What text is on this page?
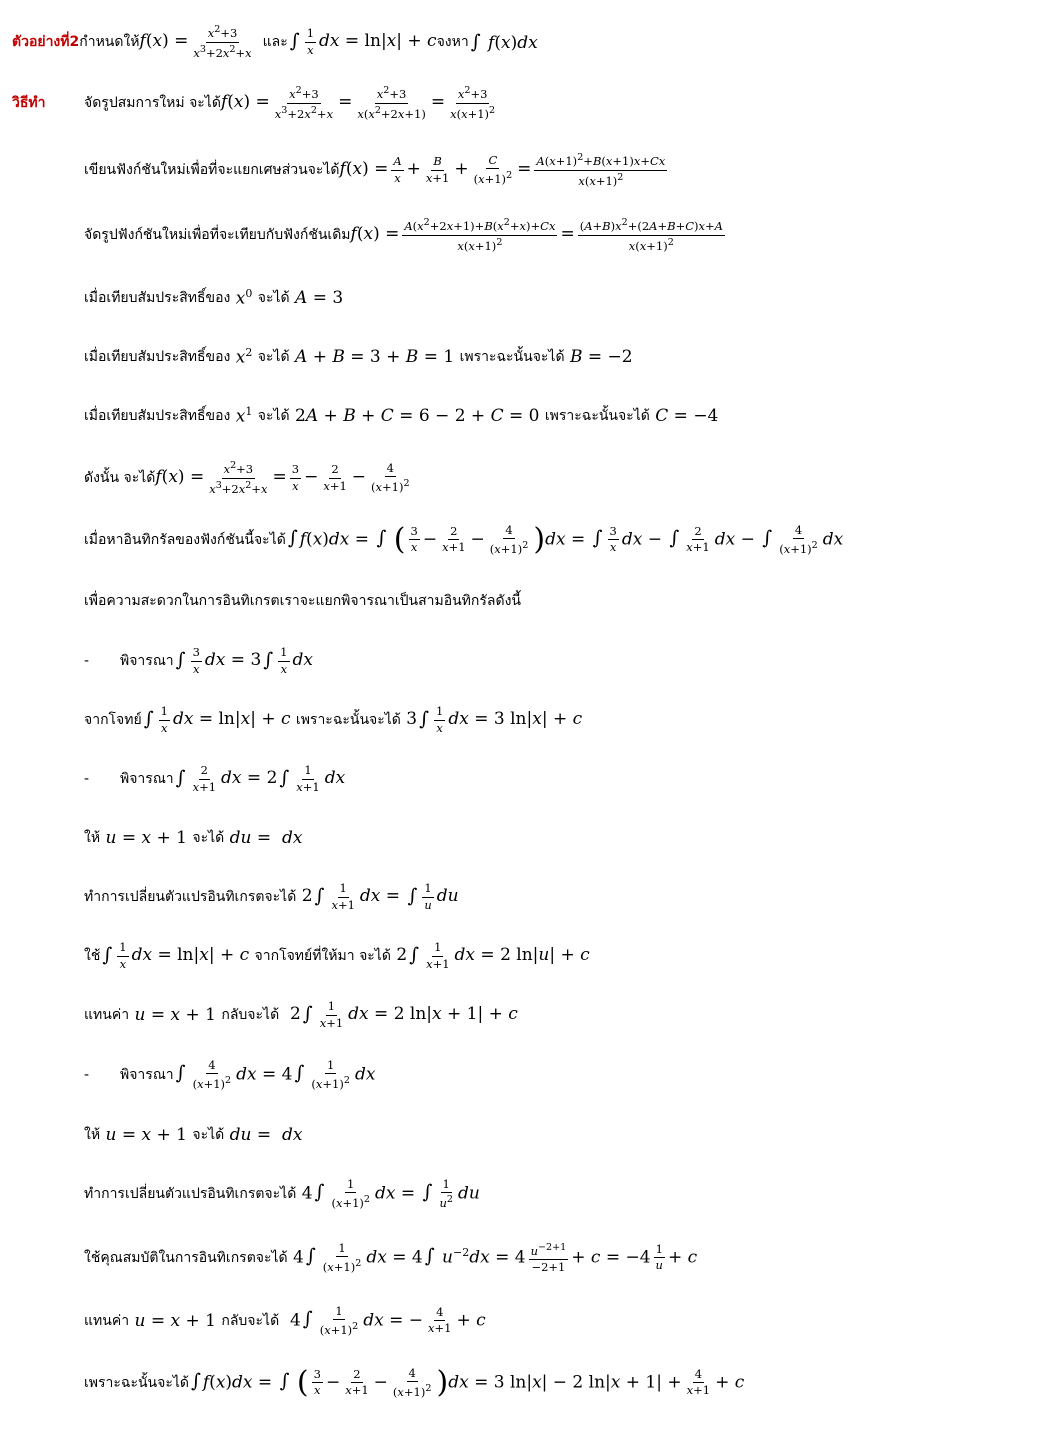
ตัวอย่างที่2 กำหนดให้ $f(x) = \frac{x^2+3}{x^3+2x^2+x}$ และ ∫ $\frac{1}{x}$ dx = ln|x| + c จงหา ∫ f(x)dx
วิธีทำ	จัดรูปสมการใหม่ จะได้ $f(x) = \frac{x^2+3}{x^3+2x^2+x} = \frac{x^2+3}{x(x^2+2x+1)} = \frac{x^2+3}{x(x+1)^2}$
เขียนฟังก์ชันใหม่เพื่อที่จะแยกเศษส่วนจะได้ $f(x) = \frac{A}{x} + \frac{B}{x+1} + \frac{C}{(x+1)^2} = \frac{A(x+1)^2+B(x+1)x+Cx}{x(x+1)^2}$
จัดรูปฟังก์ชันใหม่เพื่อที่จะเทียบกับฟังก์ชันเดิม $f(x) = \frac{A(x^2+2x+1)+B(x^2+x)+Cx}{x(x+1)^2} = \frac{(A+B)x^2+(2A+B+C)x+A}{x(x+1)^2}$
เมื่อเทียบสัมประสิทธิ์ของ $x^0$ จะได้ A = 3
เมื่อเทียบสัมประสิทธิ์ของ $x^2$ จะได้ A + B = 3 + B = 1 เพราะฉะนั้นจะได้ B = −2
เมื่อเทียบสัมประสิทธิ์ของ $x^1$ จะได้ 2A + B + C = 6 − 2 + C = 0 เพราะฉะนั้นจะได้ C = −4
ดังนั้น จะได้ $f(x) = \frac{x^2+3}{x^3+2x^2+x} = \frac{3}{x} - \frac{2}{x+1} - \frac{4}{(x+1)^2}$
เมื่อหาอินทิกรัลของฟังก์ชันนี้จะได้ ∫ f(x)dx = ∫ ( $\frac{3}{x} - \frac{2}{x+1} - \frac{4}{(x+1)^2} )dx$ = ∫ $\frac{3}{x}$ dx − ∫ $\frac{2}{x+1}$ dx − ∫ $\frac{4}{(x+1)^2}$ dx
เพื่อความสะดวกในการอินทิเกรตเราจะแยกพิจารณาเป็นสามอินทิกรัลดังนี้
-	พิจารณา ∫ $\frac{3}{x}$ dx = 3 ∫ $\frac{1}{x}$ dx
จากโจทย์ ∫ $\frac{1}{x}$ dx = ln|x| + c เพราะฉะนั้นจะได้ 3 ∫ $\frac{1}{x}$ dx = 3 ln|x| + c
-	พิจารณา ∫ $\frac{2}{x+1}$ dx = 2 ∫ $\frac{1}{x+1}$ dx
ให้ u = x + 1 จะได้ du =  dx
ทำการเปลี่ยนตัวแปรอินทิเกรตจะได้ 2 ∫ $\frac{1}{x+1}$ dx = ∫ $\frac{1}{u}$ du
ใช้ ∫ $\frac{1}{x}$ dx = ln|x| + c จากโจทย์ที่ให้มา จะได้ 2 ∫ $\frac{1}{x+1}$ dx = 2 ln|u| + c
แทนค่า u = x + 1 กลับจะได้ 2 ∫ $\frac{1}{x+1}$ dx = 2 ln|x + 1| + c
-	พิจารณา ∫ $\frac{4}{(x+1)^2}$ dx = 4 ∫ $\frac{1}{(x+1)^2}$ dx
ให้ u = x + 1 จะได้ du =  dx
ทำการเปลี่ยนตัวแปรอินทิเกรตจะได้ 4 ∫ $\frac{1}{(x+1)^2}$ dx = ∫ $\frac{1}{u^2}$ du
ใช้คุณสมบัติในการอินทิเกรตจะได้ 4 ∫ $\frac{1}{(x+1)^2}$ dx = 4 ∫ $u^{-2}dx = 4 \frac{u^{-2+1}}{-2+1} + c = -4 \frac{1}{u} + c$
แทนค่า u = x + 1 กลับจะได้ 4 ∫ $\frac{1}{(x+1)^2}$ dx = − $\frac{4}{x+1} + c$
เพราะฉะนั้นจะได้ ∫ f(x)dx = ∫ ( $\frac{3}{x} - \frac{2}{x+1} - \frac{4}{(x+1)^2} )dx = 3$ ln|x| − 2 $\ln|x + 1| + \frac{4}{x+1} + c$
